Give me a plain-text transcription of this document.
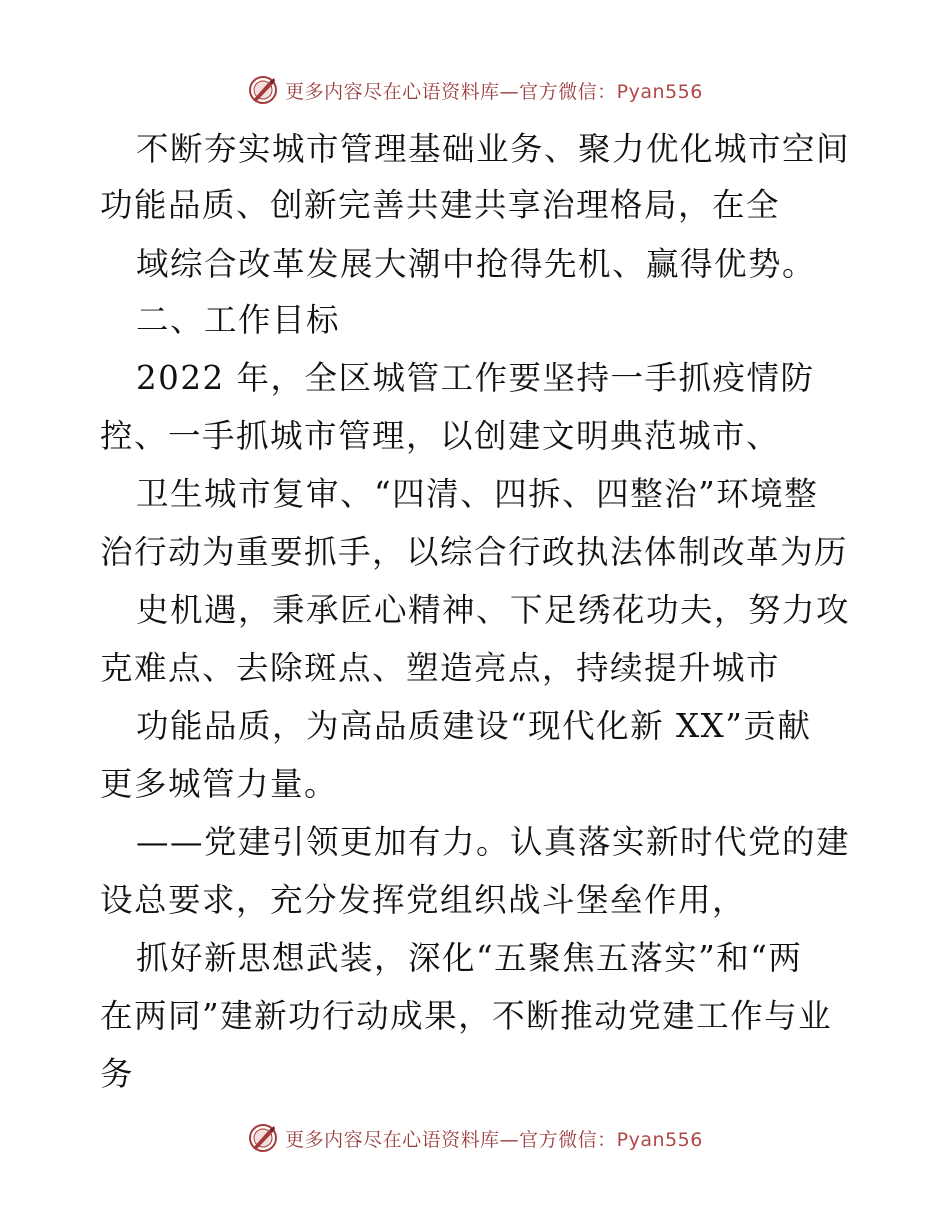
更多内容尽在心语资料库—官方微信：Pyan556
不断夯实城市管理基础业务、聚力优化城市空间
功能品质、创新完善共建共享治理格局，在全
域综合改革发展大潮中抢得先机、赢得优势。
二、工作目标
2022 年，全区城管工作要坚持一手抓疫情防
控、一手抓城市管理，以创建文明典范城市、
卫生城市复审、“四清、四拆、四整治”环境整
治行动为重要抓手，以综合行政执法体制改革为历
史机遇，秉承匠心精神、下足绣花功夫，努力攻
克难点、去除斑点、塑造亮点，持续提升城市
功能品质，为高品质建设“现代化新 XX”贡献
更多城管力量。
——党建引领更加有力。认真落实新时代党的建
设总要求，充分发挥党组织战斗堡垒作用，
抓好新思想武装，深化“五聚焦五落实”和“两
在两同”建新功行动成果，不断推动党建工作与业
务
更多内容尽在心语资料库—官方微信：Pyan556
